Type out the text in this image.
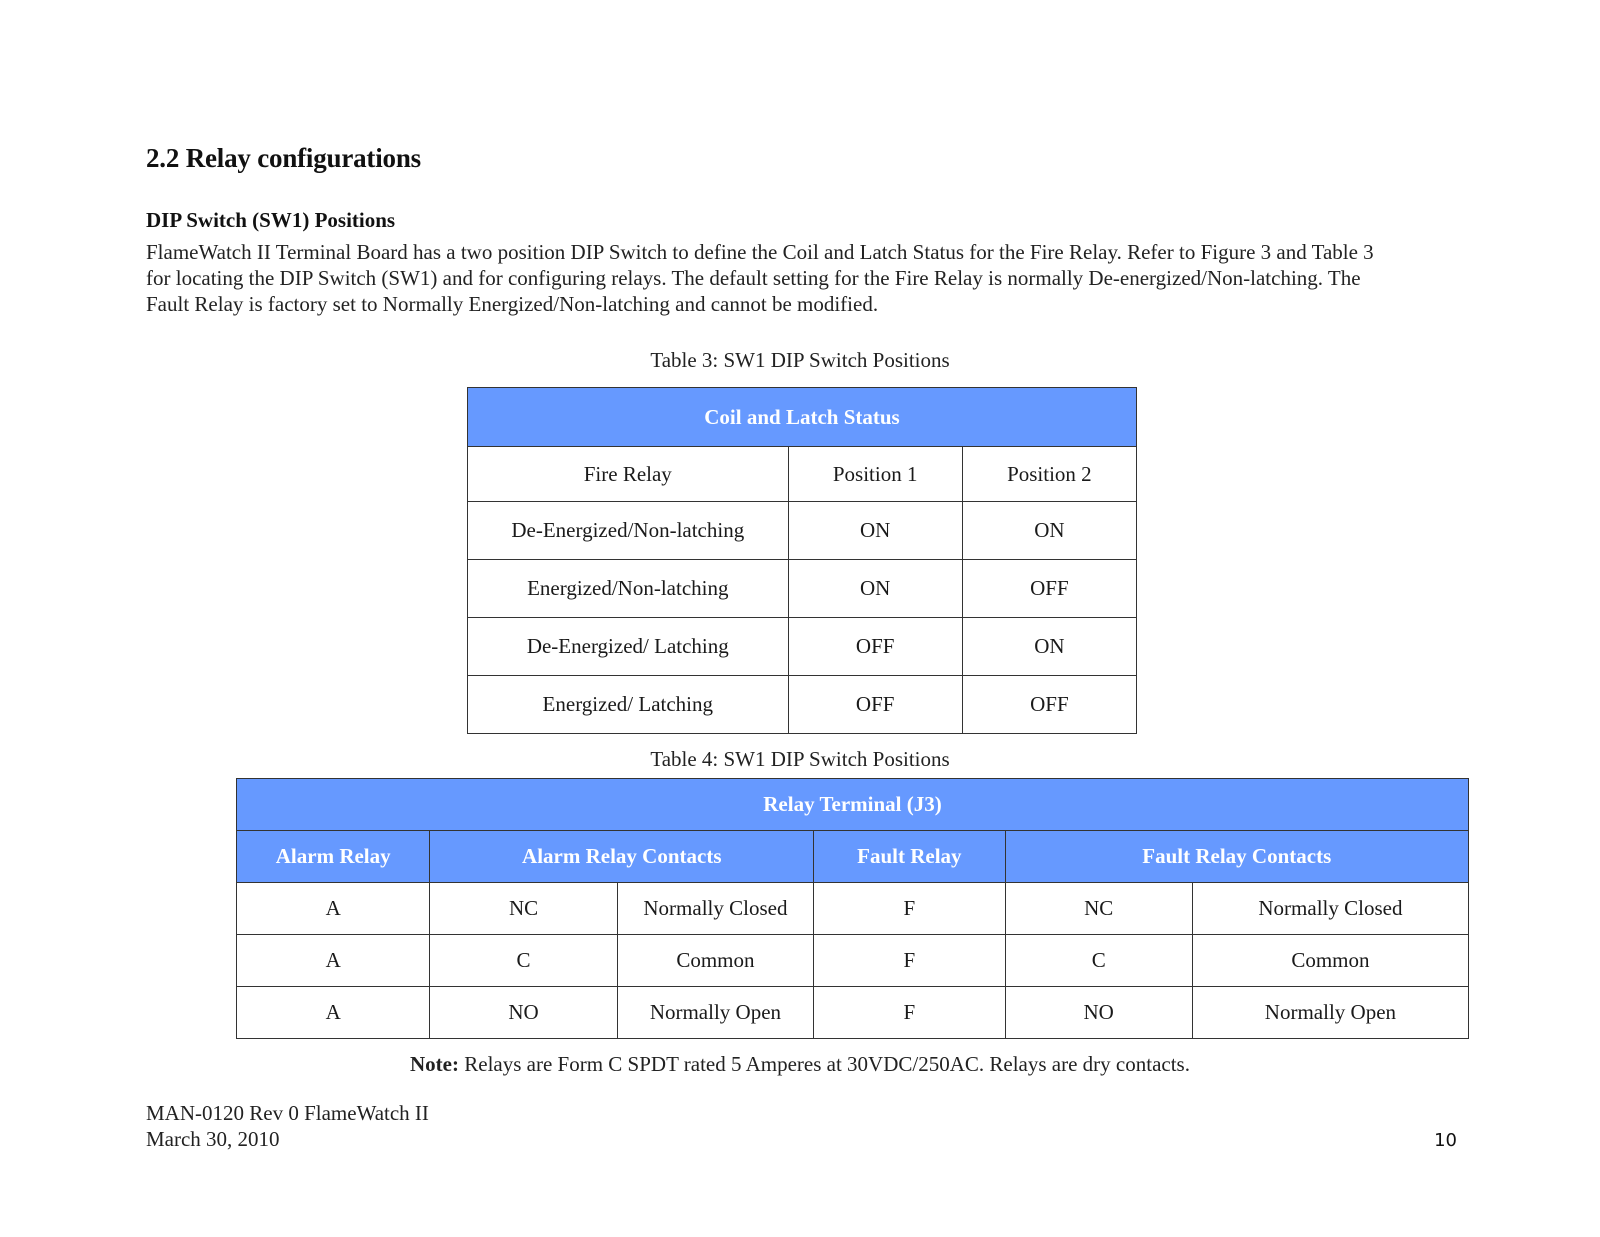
2.2 Relay configurations
DIP Switch (SW1) Positions

FlameWatch II Terminal Board has a two position DIP Switch to define the Coil and Latch Status for the Fire Relay. Refer to Figure 3 and Table 3
for locating the DIP Switch (SW1) and for configuring relays. The default setting for the Fire Relay is normally De-energized/Non-latching. The
Fault Relay is factory set to Normally Energized/Non-latching and cannot be modified.

Table 3: SW1 DIP Switch Positions

Coil and Latch Status		
Fire Relay	Position 1	Position 2
De-Energized/Non-latching	ON	ON
Energized/Non-latching	ON	OFF
De-Energized/ Latching	OFF	ON
Energized/ Latching	OFF	OFF

Table 4: SW1 DIP Switch Positions

Relay Terminal (J3)					
Alarm Relay	Alarm Relay Contacts		Fault Relay	Fault Relay Contacts	
A	NC	Normally Closed	F	NC	Normally Closed
A	C	Common	F	C	Common
A	NO	Normally Open	F	NO	Normally Open

Note: Relays are Form C SPDT rated 5 Amperes at 30VDC/250AC. Relays are dry contacts.

MAN-0120 Rev 0 FlameWatch II
March 30, 2010	10
